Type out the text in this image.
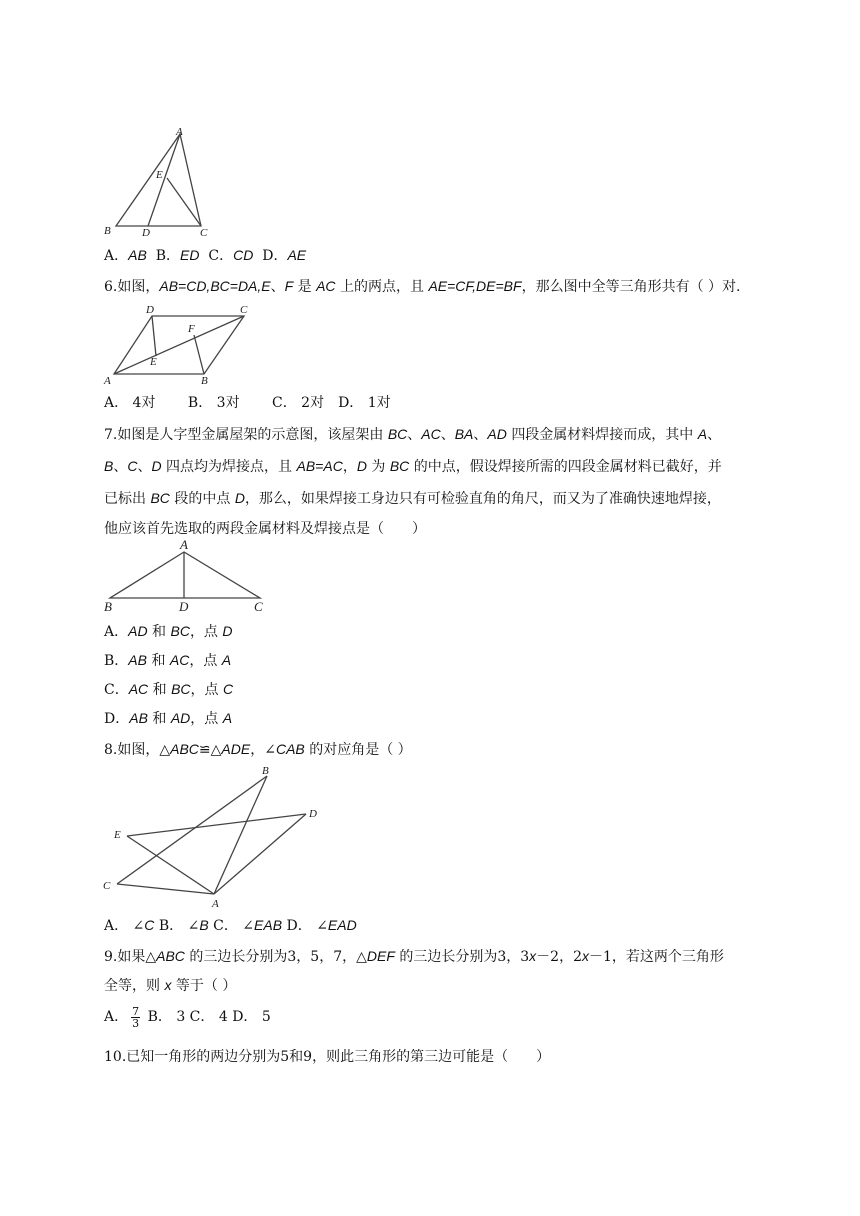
A
E
B	D	C
A．AB B．ED C．CD D．AE
6.如图，AB=CD,BC=DA,E、F 是 AC 上的两点，且 AE=CF,DE=BF，那么图中全等三角形共有（ ）对.
D	C
F
E
A	B
A． 4对　　 B． 3对　　 C． 2对　D． 1对
7.如图是人字型金属屋架的示意图，该屋架由 BC、AC、BA、AD 四段金属材料焊接而成，其中 A、
B、C、D 四点均为焊接点，且 AB=AC，D 为 BC 的中点，假设焊接所需的四段金属材料已截好，并
已标出 BC 段的中点 D，那么，如果焊接工身边只有可检验直角的角尺，而又为了准确快速地焊接，
他应该首先选取的两段金属材料及焊接点是（　　）
A
B	D	C
A．AD 和 BC，点 D
B．AB 和 AC，点 A
C．AC 和 BC，点 C
D．AB 和 AD，点 A
8.如图，△ABC≌△ADE，∠CAB 的对应角是（ ）
B
D
E
C
A
A． ∠C B． ∠B C． ∠EAB D． ∠EAD
9.如果△ABC 的三边长分别为3，5，7，△DEF 的三边长分别为3，3x－2，2x－1，若这两个三角形
全等，则 x 等于（ ）
A． $\frac{7}{3}$ B． 3 C． 4 D． 5
10.已知一角形的两边分别为5和9，则此三角形的第三边可能是（　　）
